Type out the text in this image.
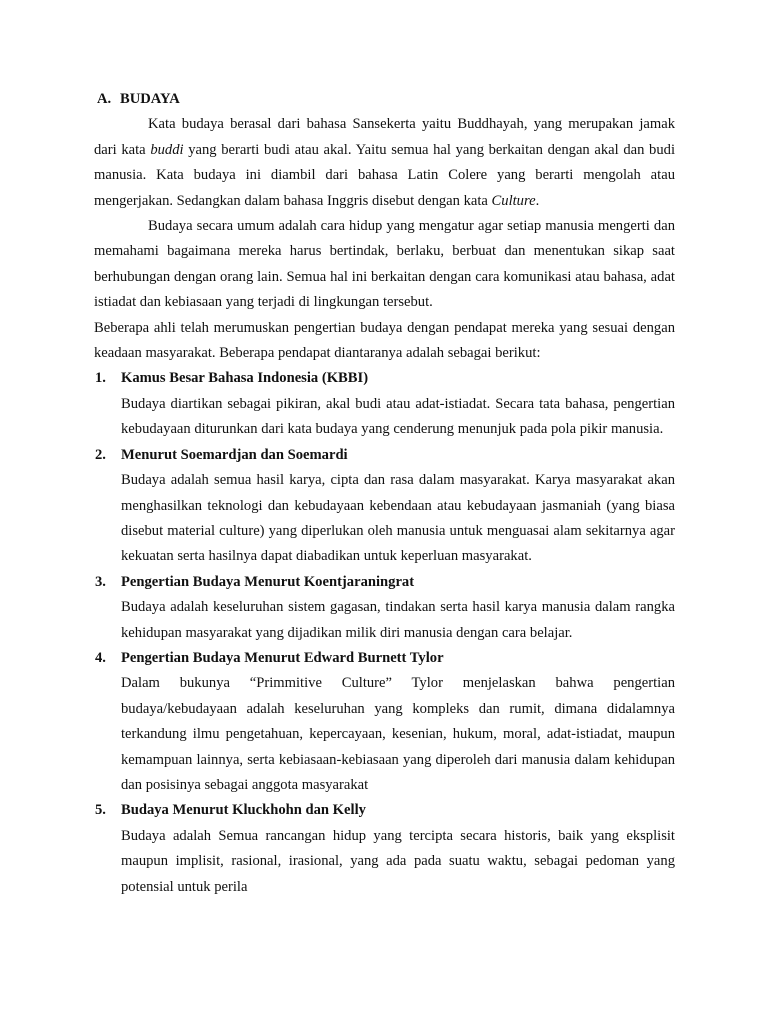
A. BUDAYA

Kata budaya berasal dari bahasa Sansekerta yaitu Buddhayah, yang merupakan jamak dari kata buddi yang berarti budi atau akal. Yaitu semua hal yang berkaitan dengan akal dan budi manusia. Kata budaya ini diambil dari bahasa Latin Colere yang berarti mengolah atau mengerjakan. Sedangkan dalam bahasa Inggris disebut dengan kata Culture.

Budaya secara umum adalah cara hidup yang mengatur agar setiap manusia mengerti dan memahami bagaimana mereka harus bertindak, berlaku, berbuat dan menentukan sikap saat berhubungan dengan orang lain. Semua hal ini berkaitan dengan cara komunikasi atau bahasa, adat istiadat dan kebiasaan yang terjadi di lingkungan tersebut.

Beberapa ahli telah merumuskan pengertian budaya dengan pendapat mereka yang sesuai dengan keadaan masyarakat. Beberapa pendapat diantaranya adalah sebagai berikut:

1. Kamus Besar Bahasa Indonesia (KBBI)

Budaya diartikan sebagai pikiran, akal budi atau adat-istiadat. Secara tata bahasa, pengertian kebudayaan diturunkan dari kata budaya yang cenderung menunjuk pada pola pikir manusia.

2. Menurut Soemardjan dan Soemardi

Budaya adalah semua hasil karya, cipta dan rasa dalam masyarakat. Karya masyarakat akan menghasilkan teknologi dan kebudayaan kebendaan atau kebudayaan jasmaniah (yang biasa disebut material culture) yang diperlukan oleh manusia untuk menguasai alam sekitarnya agar kekuatan serta hasilnya dapat diabadikan untuk keperluan masyarakat.

3. Pengertian Budaya Menurut Koentjaraningrat

Budaya adalah keseluruhan sistem gagasan, tindakan serta hasil karya manusia dalam rangka kehidupan masyarakat yang dijadikan milik diri manusia dengan cara belajar.

4. Pengertian Budaya Menurut Edward Burnett Tylor

Dalam bukunya “Primmitive Culture” Tylor menjelaskan bahwa pengertian budaya/kebudayaan adalah keseluruhan yang kompleks dan rumit, dimana didalamnya terkandung ilmu pengetahuan, kepercayaan, kesenian, hukum, moral, adat-istiadat, maupun kemampuan lainnya, serta kebiasaan-kebiasaan yang diperoleh dari manusia dalam kehidupan dan posisinya sebagai anggota masyarakat

5. Budaya Menurut Kluckhohn dan Kelly

Budaya adalah Semua rancangan hidup yang tercipta secara historis, baik yang eksplisit maupun implisit, rasional, irasional, yang ada pada suatu waktu, sebagai pedoman yang potensial untuk perila
